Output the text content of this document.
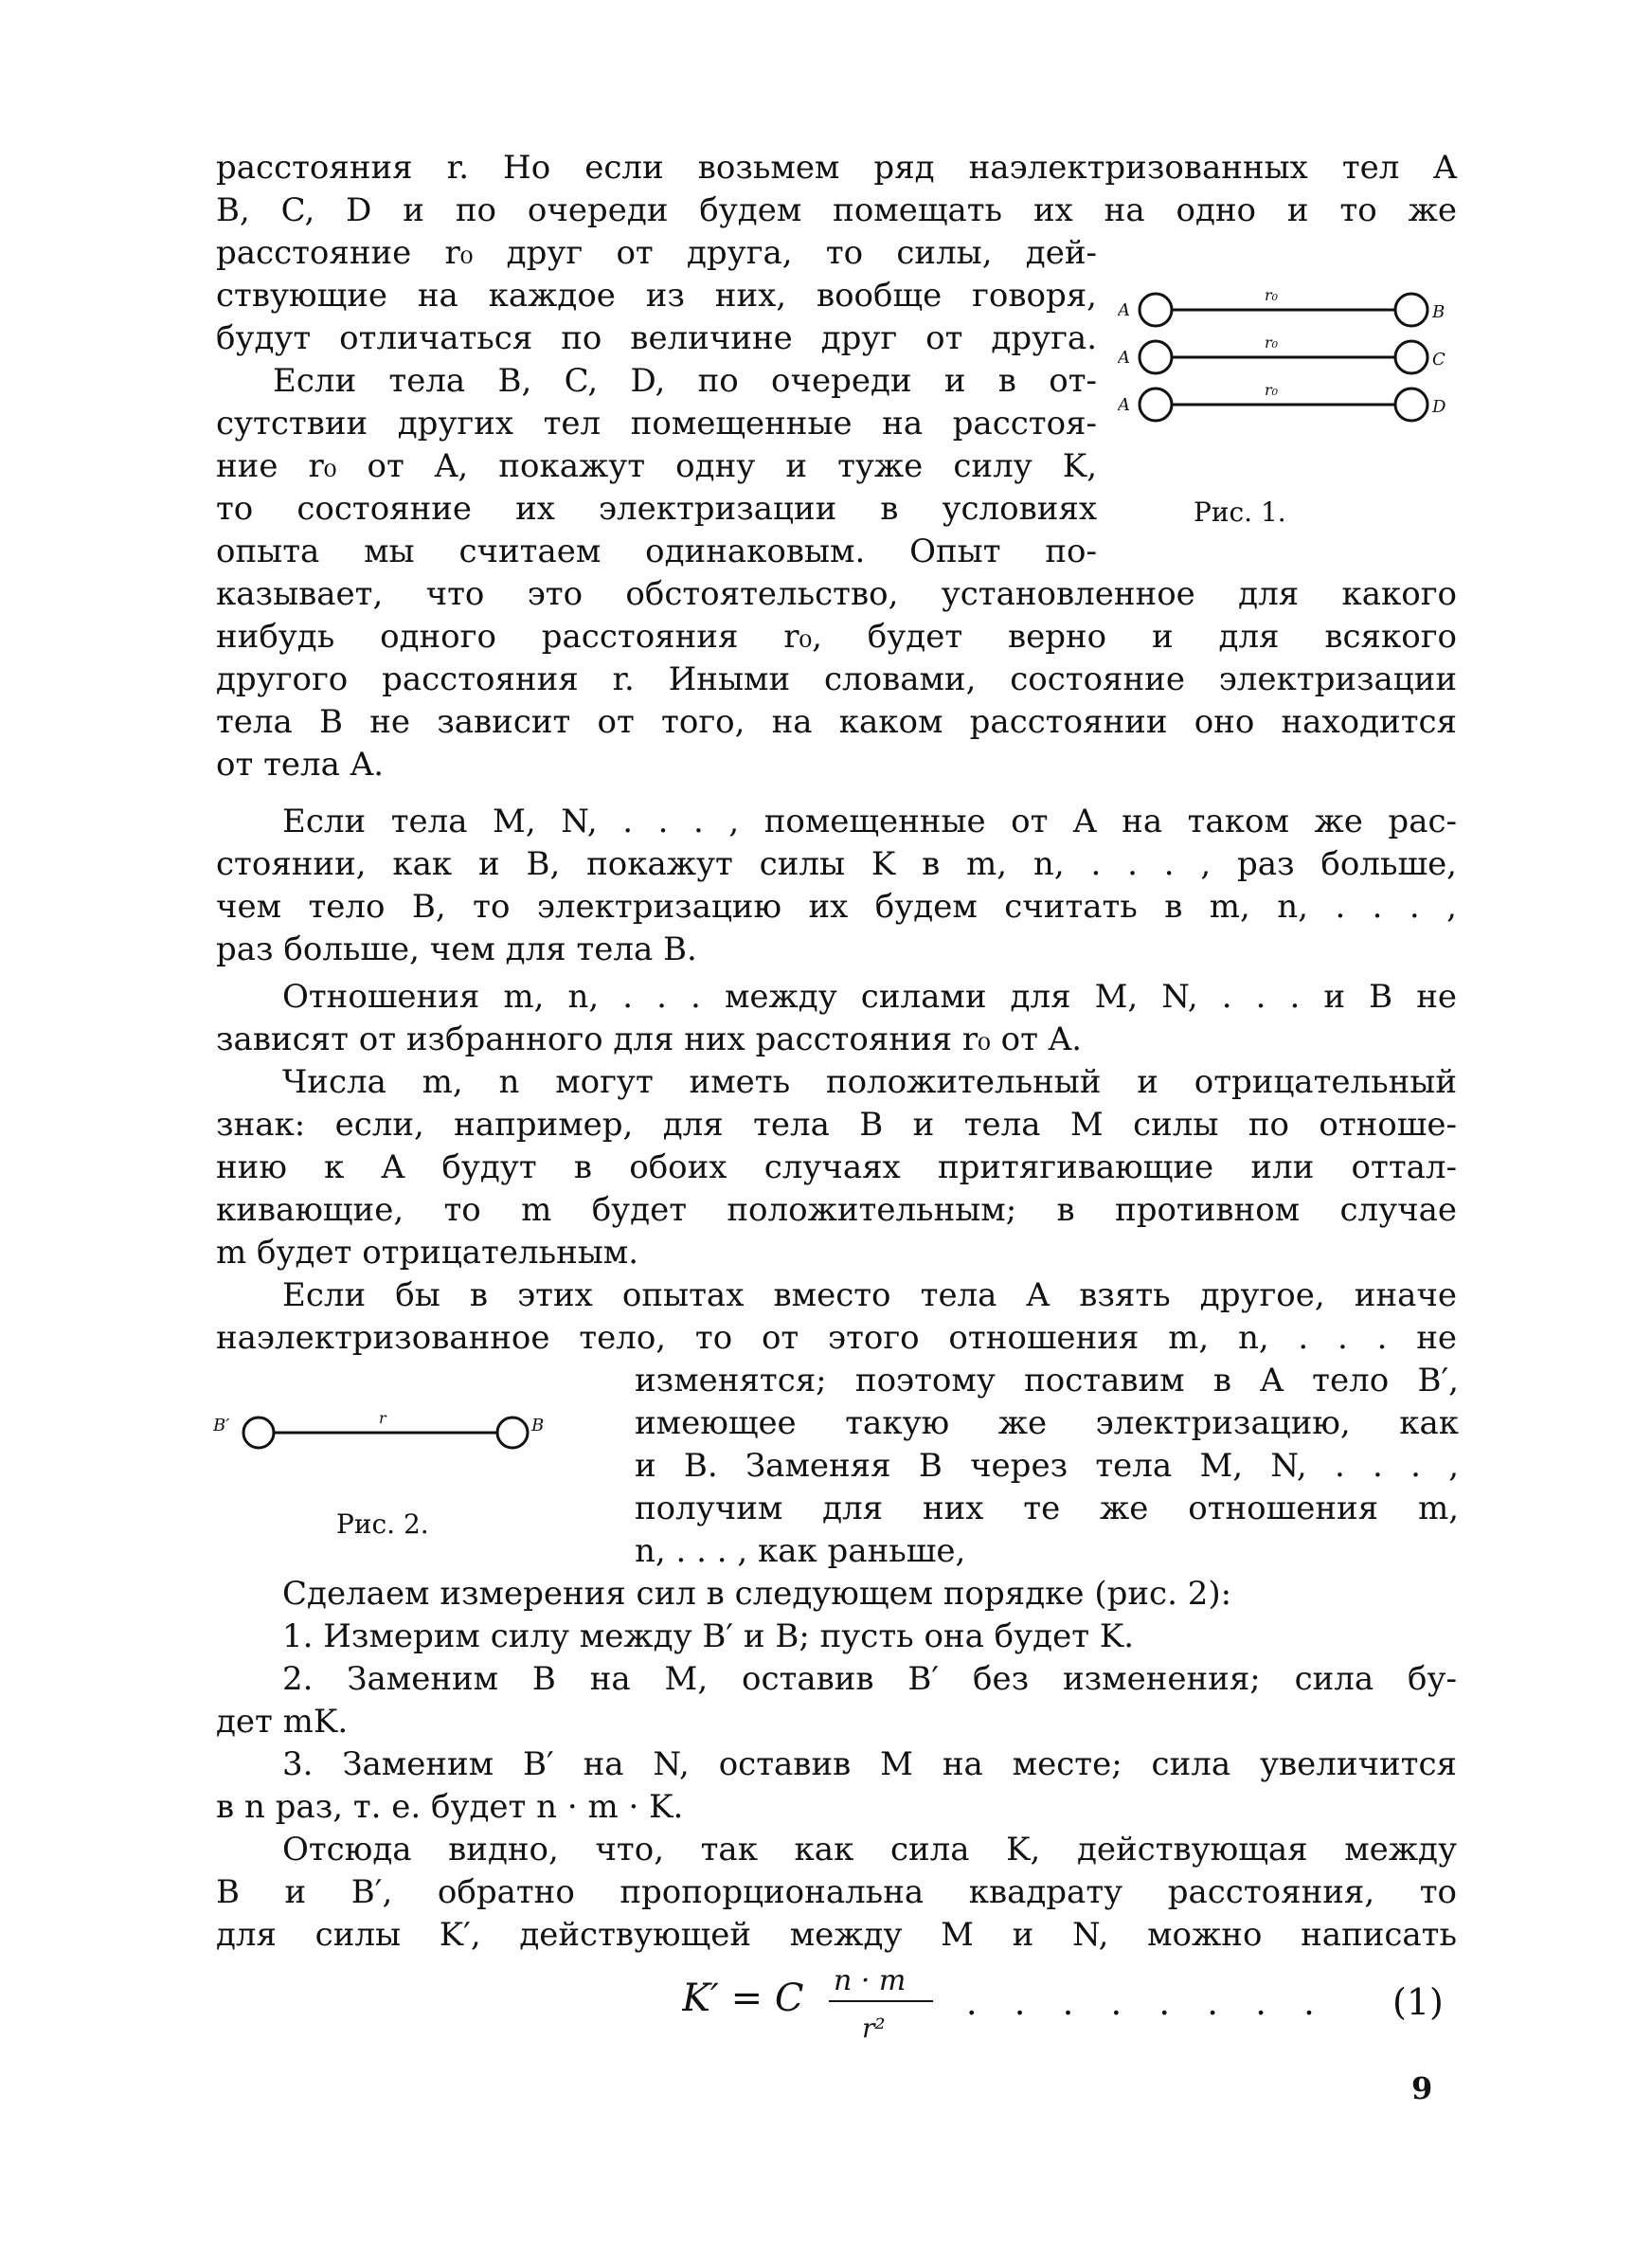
расстояния r. Но если возьмем ряд наэлектризованных тел A
B, C, D и по очереди будем помещать их на одно и то же
расстояние r₀ друг от друга, то силы, дей-
ствующие на каждое из них, вообще говоря,
будут отличаться по величине друг от друга.
Если тела B, C, D, по очереди и в от-
сутствии других тел помещенные на расстоя-
ние r₀ от A, покажут одну и туже силу K,
то состояние их электризации в условиях
опыта мы считаем одинаковым. Опыт по-
A
r₀
B
A
r₀
C
A
r₀
D
Рис. 1.
казывает, что это обстоятельство, установленное для какого
нибудь одного расстояния r₀, будет верно и для всякого
другого расстояния r. Иными словами, состояние электризации
тела B не зависит от того, на каком расстоянии оно находится
от тела A.
Если тела M, N, . . . , помещенные от A на таком же рас-
стоянии, как и B, покажут силы K в m, n, . . . , раз больше,
чем тело B, то электризацию их будем считать в m, n, . . . ,
раз больше, чем для тела B.
Отношения m, n, . . . между силами для M, N, . . . и B не
зависят от избранного для них расстояния r₀ от A.
Числа m, n могут иметь положительный и отрицательный
знак: если, например, для тела B и тела M силы по отноше-
нию к A будут в обоих случаях притягивающие или оттал-
кивающие, то m будет положительным; в противном случае
m будет отрицательным.
Если бы в этих опытах вместо тела A взять другое, иначе
наэлектризованное тело, то от этого отношения m, n, . . . не
изменятся; поэтому поставим в A тело B′,
имеющее такую же электризацию, как
и B. Заменяя B через тела M, N, . . . ,
получим для них те же отношения m,
n, . . . , как раньше,
B′	r	B
Рис. 2.
Сделаем измерения сил в следующем порядке (рис. 2):
1. Измерим силу между B′ и B; пусть она будет K.
2. Заменим B на M, оставив B′ без изменения; сила бу-
дет mK.
3. Заменим B′ на N, оставив M на месте; сила увеличится
в n раз, т. е. будет n · m · K.
Отсюда видно, что, так как сила K, действующая между
B и B′, обратно пропорциональна квадрату расстояния, то
для силы K′, действующей между M и N, можно написать
K′ = C n · m
r²
. . . . . . . . (1)
9
